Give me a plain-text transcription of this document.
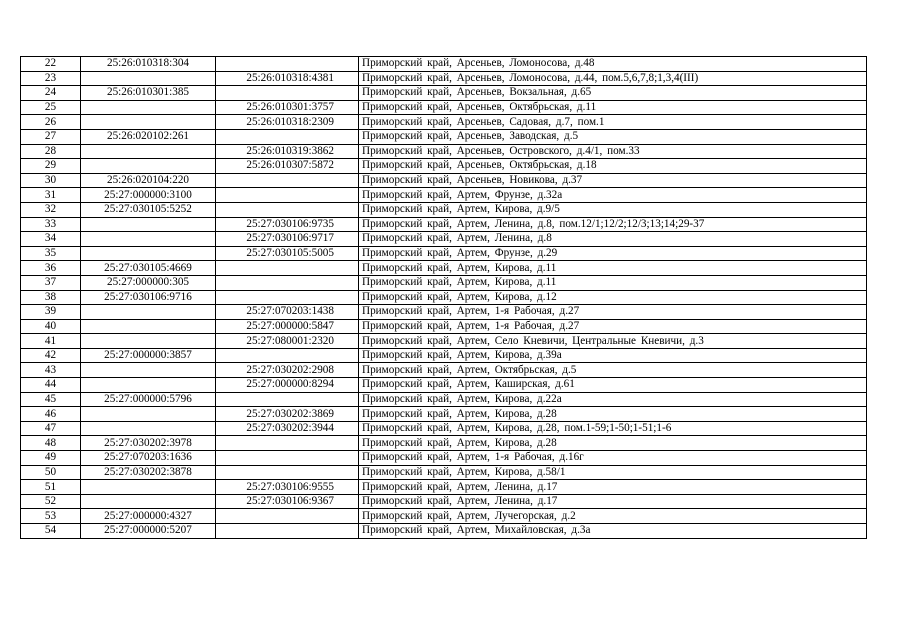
22	25:26:010318:304		Приморский край, Арсеньев, Ломоносова, д.48
23		25:26:010318:4381	Приморский край, Арсеньев, Ломоносова, д.44, пом.5,6,7,8;1,3,4(III)
24	25:26:010301:385		Приморский край, Арсеньев, Вокзальная, д.65
25		25:26:010301:3757	Приморский край, Арсеньев, Октябрьская, д.11
26		25:26:010318:2309	Приморский край, Арсеньев, Садовая, д.7, пом.1
27	25:26:020102:261		Приморский край, Арсеньев, Заводская, д.5
28		25:26:010319:3862	Приморский край, Арсеньев, Островского, д.4/1, пом.33
29		25:26:010307:5872	Приморский край, Арсеньев, Октябрьская, д.18
30	25:26:020104:220		Приморский край, Арсеньев, Новикова, д.37
31	25:27:000000:3100		Приморский край, Артем, Фрунзе, д.32а
32	25:27:030105:5252		Приморский край, Артем, Кирова, д.9/5
33		25:27:030106:9735	Приморский край, Артем, Ленина, д.8, пом.12/1;12/2;12/3;13;14;29-37
34		25:27:030106:9717	Приморский край, Артем, Ленина, д.8
35		25:27:030105:5005	Приморский край, Артем, Фрунзе, д.29
36	25:27:030105:4669		Приморский край, Артем, Кирова, д.11
37	25:27:000000:305		Приморский край, Артем, Кирова, д.11
38	25:27:030106:9716		Приморский край, Артем, Кирова, д.12
39		25:27:070203:1438	Приморский край, Артем, 1-я Рабочая, д.27
40		25:27:000000:5847	Приморский край, Артем, 1-я Рабочая, д.27
41		25:27:080001:2320	Приморский край, Артем, Село Кневичи, Центральные Кневичи, д.3
42	25:27:000000:3857		Приморский край, Артем, Кирова, д.39а
43		25:27:030202:2908	Приморский край, Артем, Октябрьская, д.5
44		25:27:000000:8294	Приморский край, Артем, Каширская, д.61
45	25:27:000000:5796		Приморский край, Артем, Кирова, д.22а
46		25:27:030202:3869	Приморский край, Артем, Кирова, д.28
47		25:27:030202:3944	Приморский край, Артем, Кирова, д.28, пом.1-59;1-50;1-51;1-6
48	25:27:030202:3978		Приморский край, Артем, Кирова, д.28
49	25:27:070203:1636		Приморский край, Артем, 1-я Рабочая, д.16г
50	25:27:030202:3878		Приморский край, Артем, Кирова, д.58/1
51		25:27:030106:9555	Приморский край, Артем, Ленина, д.17
52		25:27:030106:9367	Приморский край, Артем, Ленина, д.17
53	25:27:000000:4327		Приморский край, Артем, Лучегорская, д.2
54	25:27:000000:5207		Приморский край, Артем, Михайловская, д.3а
